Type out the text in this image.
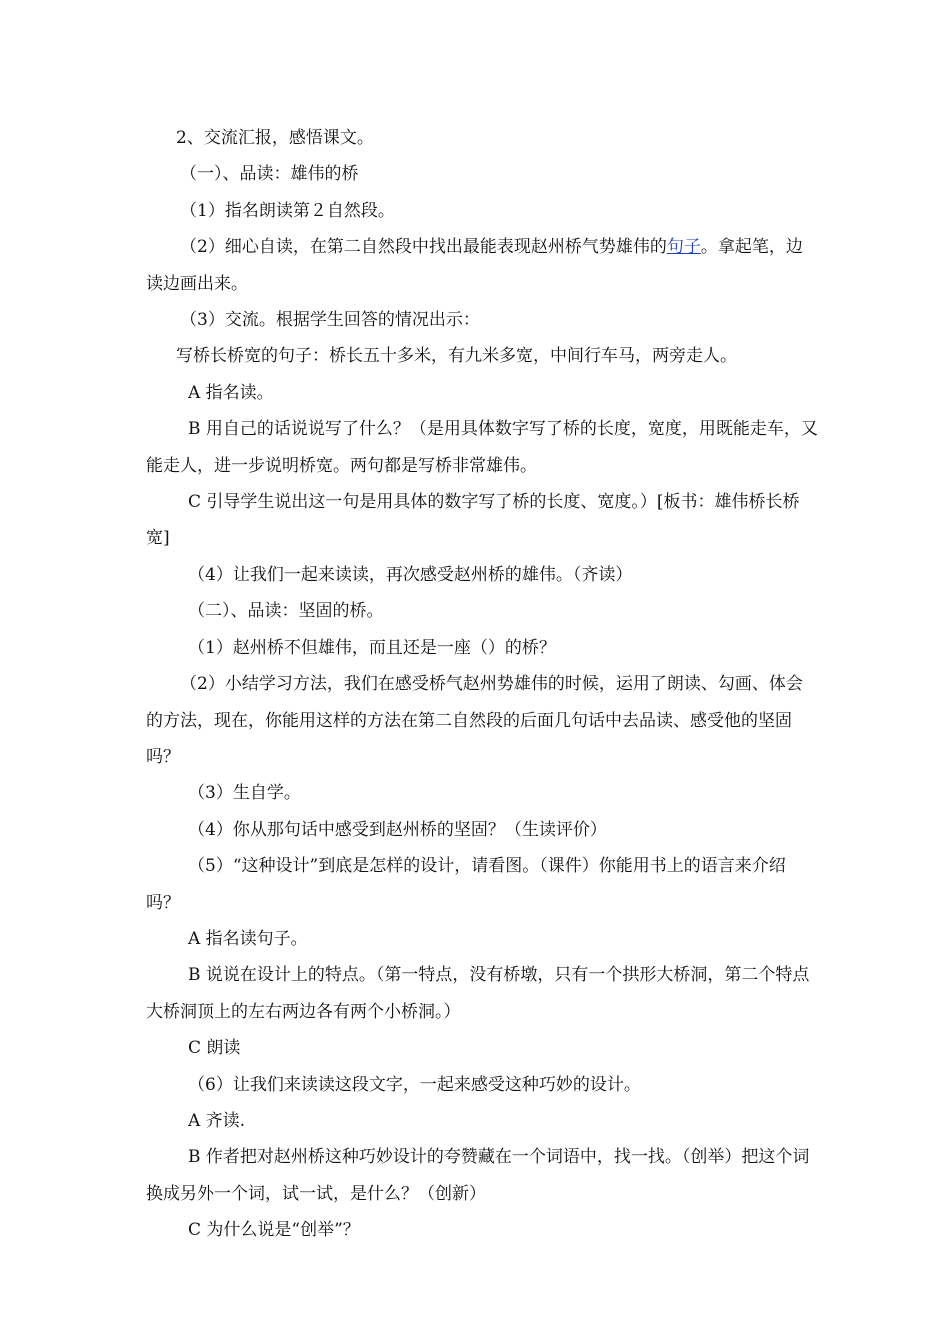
2、交流汇报，感悟课文。

（一）、品读：雄伟的桥

（1）指名朗读第２自然段。

（2）细心自读，在第二自然段中找出最能表现赵州桥气势雄伟的句子。拿起笔，边读边画出来。

（3）交流。根据学生回答的情况出示：

写桥长桥宽的句子：桥长五十多米，有九米多宽，中间行车马，两旁走人。

A 指名读。

B 用自己的话说说写了什么？（是用具体数字写了桥的长度，宽度，用既能走车，又能走人，进一步说明桥宽。两句都是写桥非常雄伟。

C 引导学生说出这一句是用具体的数字写了桥的长度、宽度。）[板书：雄伟桥长桥宽]

（4）让我们一起来读读，再次感受赵州桥的雄伟。（齐读）

（二）、品读：坚固的桥。

（1）赵州桥不但雄伟，而且还是一座（）的桥？

（2）小结学习方法，我们在感受桥气赵州势雄伟的时候，运用了朗读、勾画、体会的方法，现在，你能用这样的方法在第二自然段的后面几句话中去品读、感受他的坚固吗？

（3）生自学。

（4）你从那句话中感受到赵州桥的坚固？（生读评价）

（5）“这种设计”到底是怎样的设计，请看图。（课件）你能用书上的语言来介绍吗？

A 指名读句子。

B 说说在设计上的特点。（第一特点，没有桥墩，只有一个拱形大桥洞，第二个特点大桥洞顶上的左右两边各有两个小桥洞。）

C 朗读

（6）让我们来读读这段文字，一起来感受这种巧妙的设计。

A 齐读.

B 作者把对赵州桥这种巧妙设计的夸赞藏在一个词语中，找一找。（创举）把这个词换成另外一个词，试一试，是什么？（创新）

C 为什么说是“创举”？
